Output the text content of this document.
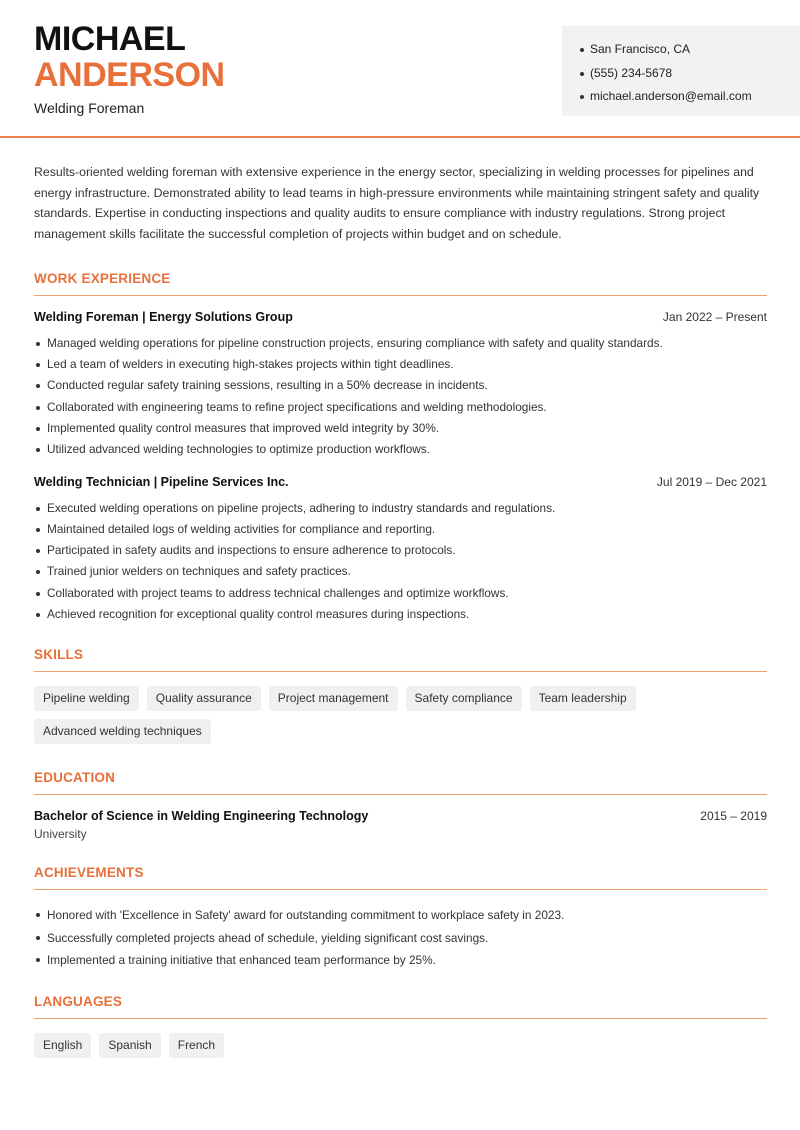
MICHAEL
ANDERSON
Welding Foreman
San Francisco, CA
(555) 234-5678
michael.anderson@email.com

Results-oriented welding foreman with extensive experience in the energy sector, specializing in welding processes for pipelines and energy infrastructure. Demonstrated ability to lead teams in high-pressure environments while maintaining stringent safety and quality standards. Expertise in conducting inspections and quality audits to ensure compliance with industry regulations. Strong project management skills facilitate the successful completion of projects within budget and on schedule.

WORK EXPERIENCE
Welding Foreman | Energy Solutions Group	Jan 2022 – Present
Managed welding operations for pipeline construction projects, ensuring compliance with safety and quality standards.
Led a team of welders in executing high-stakes projects within tight deadlines.
Conducted regular safety training sessions, resulting in a 50% decrease in incidents.
Collaborated with engineering teams to refine project specifications and welding methodologies.
Implemented quality control measures that improved weld integrity by 30%.
Utilized advanced welding technologies to optimize production workflows.
Welding Technician | Pipeline Services Inc.	Jul 2019 – Dec 2021
Executed welding operations on pipeline projects, adhering to industry standards and regulations.
Maintained detailed logs of welding activities for compliance and reporting.
Participated in safety audits and inspections to ensure adherence to protocols.
Trained junior welders on techniques and safety practices.
Collaborated with project teams to address technical challenges and optimize workflows.
Achieved recognition for exceptional quality control measures during inspections.
SKILLS
Pipeline welding	Quality assurance	Project management	Safety compliance	Team leadership
Advanced welding techniques
EDUCATION
Bachelor of Science in Welding Engineering Technology	2015 – 2019
University
ACHIEVEMENTS
Honored with 'Excellence in Safety' award for outstanding commitment to workplace safety in 2023.
Successfully completed projects ahead of schedule, yielding significant cost savings.
Implemented a training initiative that enhanced team performance by 25%.
LANGUAGES
English	Spanish	French
